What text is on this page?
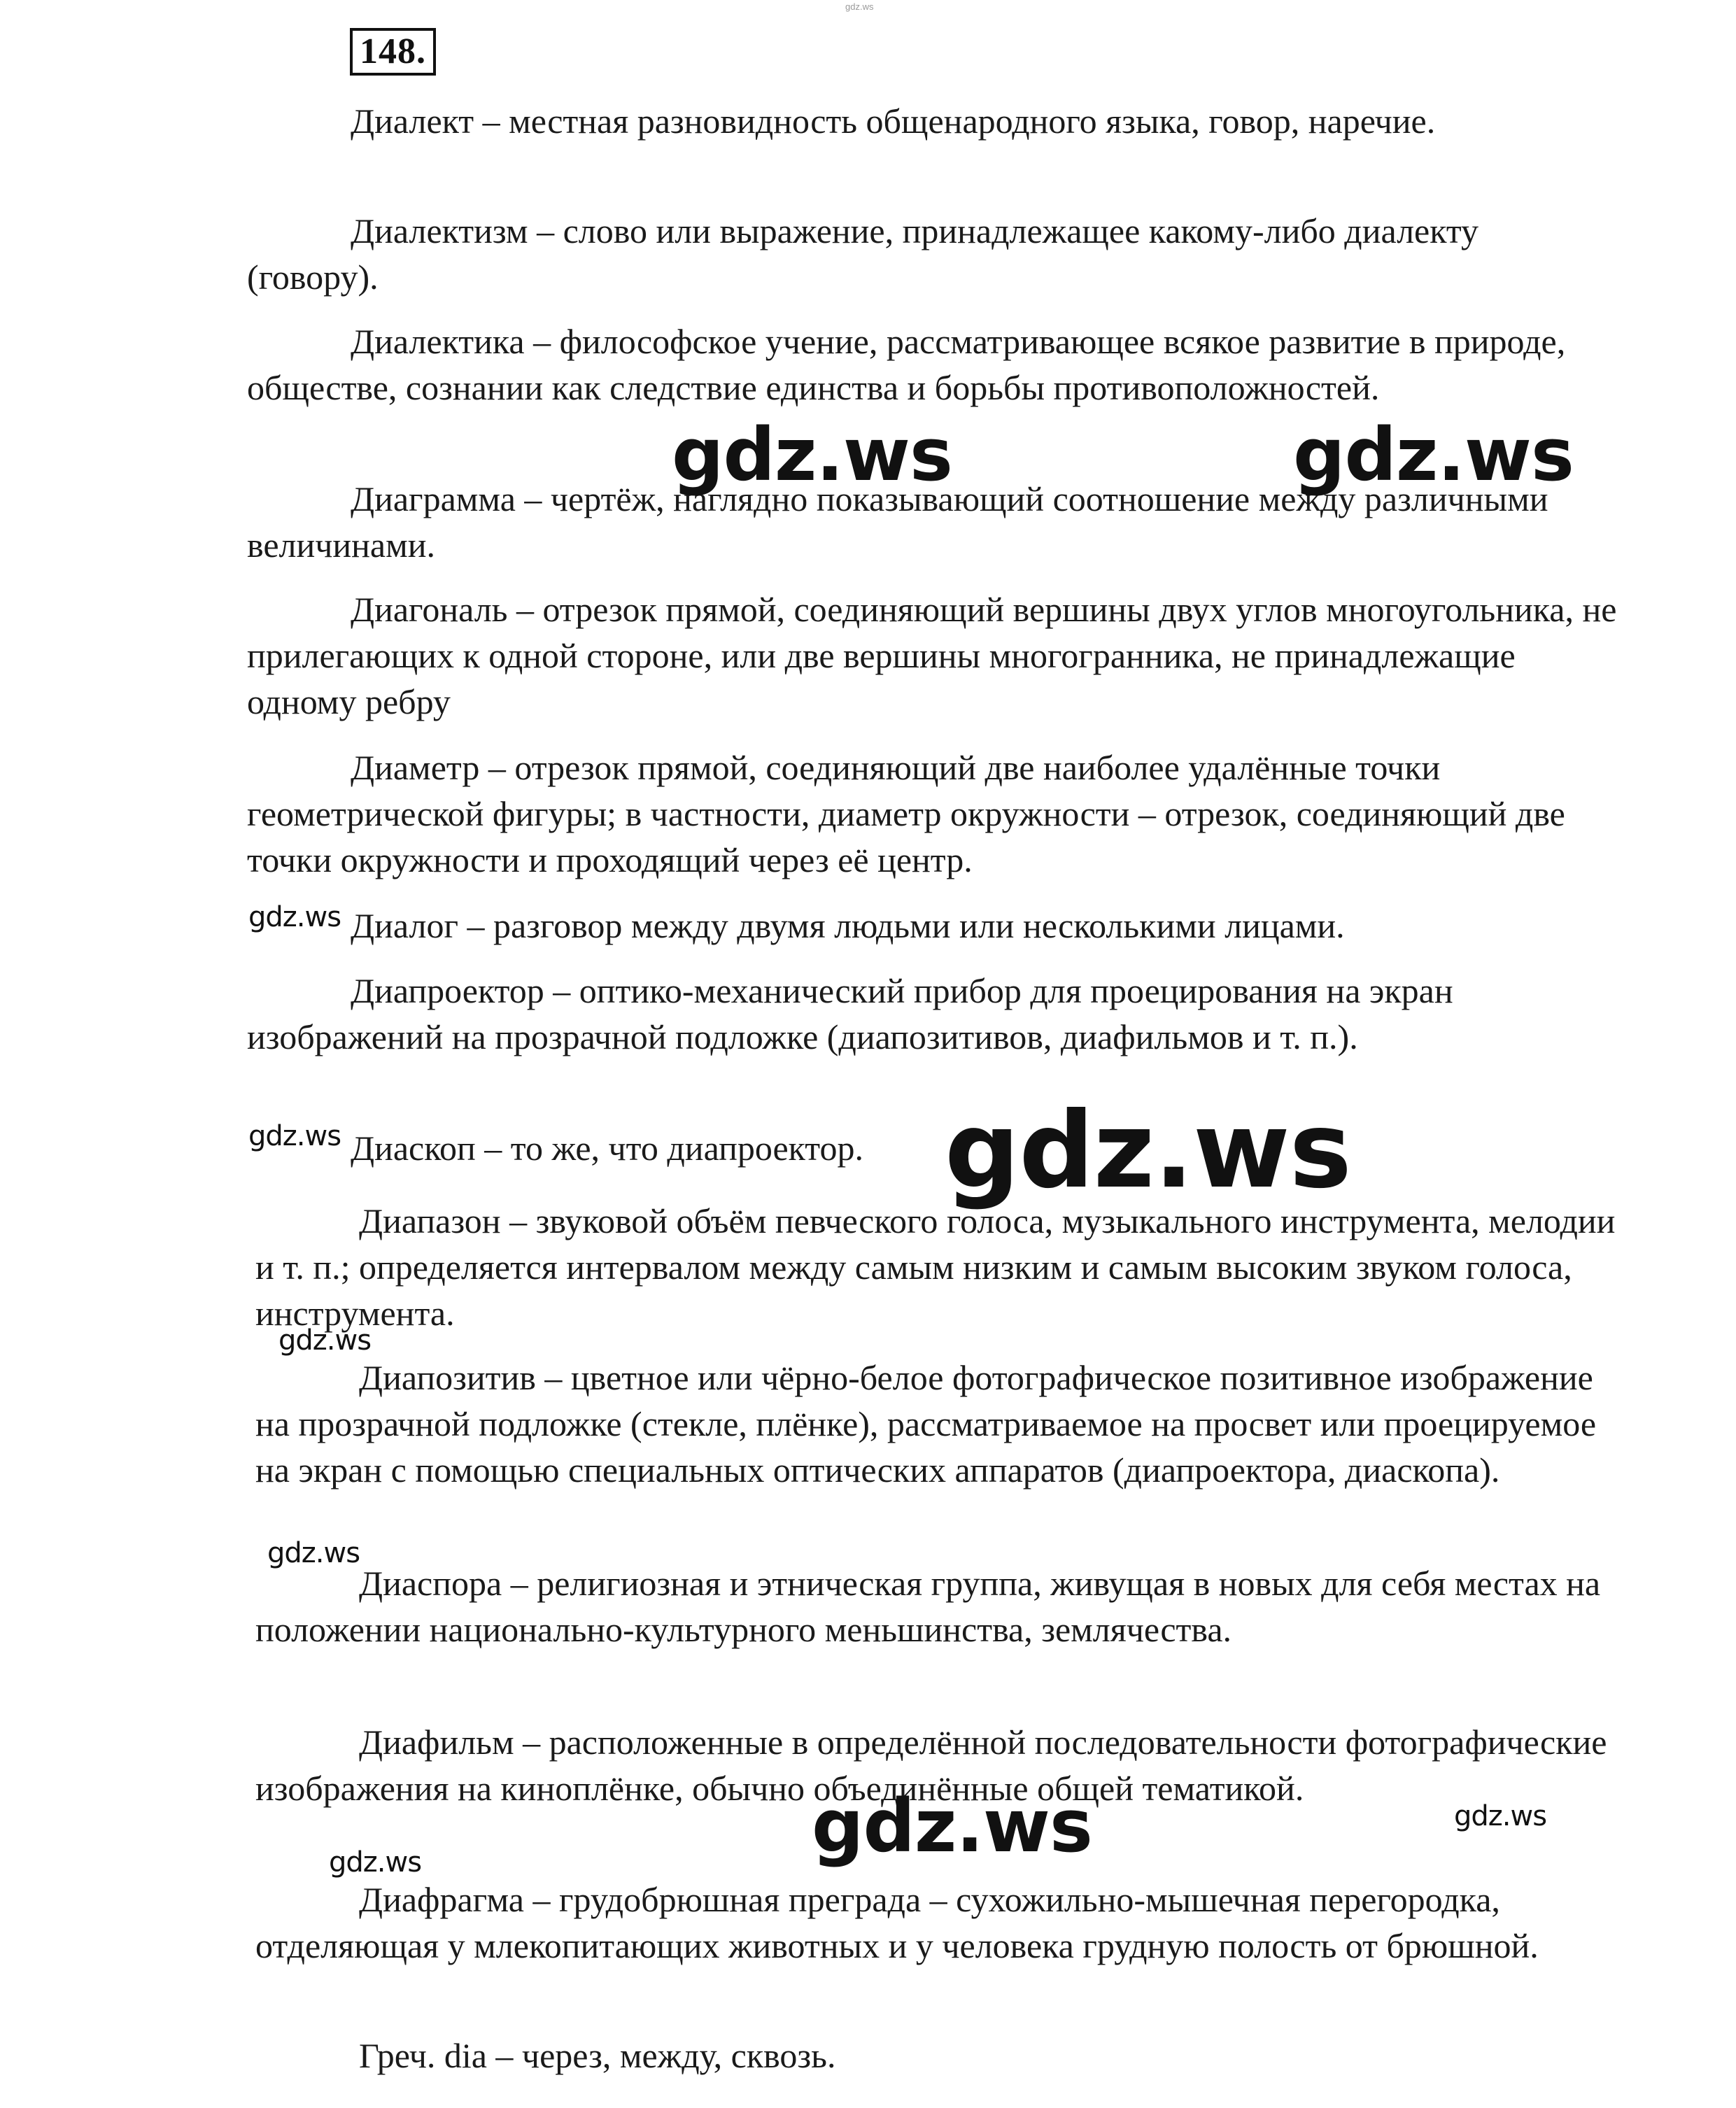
gdz.ws
148.

Диалект – местная разновидность общенародного языка, говор, наречие.

Диалектизм – слово или выражение, принадлежащее какому-либо диалекту (говору).

Диалектика – философское учение, рассматривающее всякое развитие в природе, обществе, сознании как следствие единства и борьбы противоположностей.

Диаграмма – чертёж, наглядно показывающий соотношение между различными величинами.

Диагональ – отрезок прямой, соединяющий вершины двух углов многоугольника, не прилегающих к одной стороне, или две вершины многогранника, не принадлежащие одному ребру

Диаметр – отрезок прямой, соединяющий две наиболее удалённые точки геометрической фигуры; в частности, диаметр окружности – отрезок, соединяющий две точки окружности и проходящий через её центр.

Диалог – разговор между двумя людьми или несколькими лицами.

Диапроектор – оптико-механический прибор для проецирования на экран изображений на прозрачной подложке (диапозитивов, диафильмов и т. п.).

Диаскоп – то же, что диапроектор.

Диапазон – звуковой объём певческого голоса, музыкального инструмента, мелодии и т. п.; определяется интервалом между самым низким и самым высоким звуком голоса, инструмента.

Диапозитив – цветное или чёрно-белое фотографическое позитивное изображение на прозрачной подложке (стекле, плёнке), рассматриваемое на просвет или проецируемое на экран с помощью специальных оптических аппаратов (диапроектора, диаскопа).

Диаспора – религиозная и этническая группа, живущая в новых для себя местах на положении национально-культурного меньшинства, землячества.

Диафильм – расположенные в определённой последовательности фотографические изображения на киноплёнке, обычно объединённые общей тематикой.

Диафрагма – грудобрюшная преграда – сухожильно-мышечная перегородка, отделяющая у млекопитающих животных и у человека грудную полость от брюшной.

Греч. dia – через, между, сквозь.

gdz.ws	gdz.ws
gdz.ws
gdz.ws	gdz.ws
gdz.ws
gdz.ws
gdz.ws	gdz.ws
gdz.ws
